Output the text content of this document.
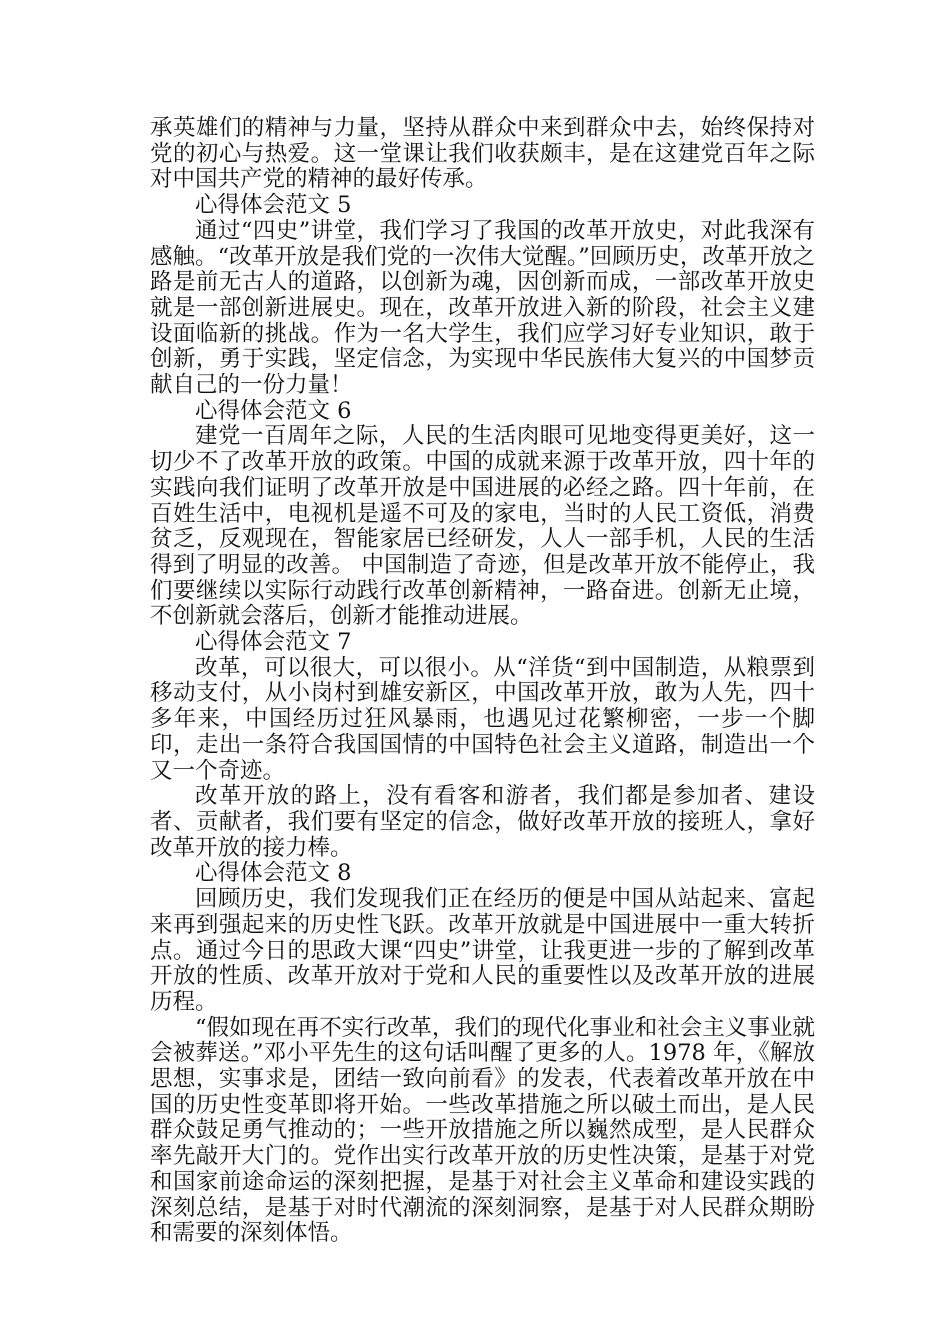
承英雄们的精神与力量，坚持从群众中来到群众中去，始终保持对党的初心与热爱。这一堂课让我们收获颇丰，是在这建党百年之际对中国共产党的精神的最好传承。

心得体会范文 5

通过“四史”讲堂，我们学习了我国的改革开放史，对此我深有感触。“改革开放是我们党的一次伟大觉醒。”回顾历史，改革开放之路是前无古人的道路，以创新为魂，因创新而成，一部改革开放史就是一部创新进展史。现在，改革开放进入新的阶段，社会主义建设面临新的挑战。作为一名大学生，我们应学习好专业知识，敢于创新，勇于实践，坚定信念，为实现中华民族伟大复兴的中国梦贡献自己的一份力量！

心得体会范文 6

建党一百周年之际，人民的生活肉眼可见地变得更美好，这一切少不了改革开放的政策。中国的成就来源于改革开放，四十年的实践向我们证明了改革开放是中国进展的必经之路。四十年前，在百姓生活中，电视机是遥不可及的家电，当时的人民工资低，消费贫乏，反观现在，智能家居已经研发，人人一部手机，人民的生活得到了明显的改善。 中国制造了奇迹，但是改革开放不能停止，我们要继续以实际行动践行改革创新精神，一路奋进。创新无止境，不创新就会落后，创新才能推动进展。

心得体会范文 7

改革，可以很大，可以很小。从“洋货“到中国制造，从粮票到移动支付，从小岗村到雄安新区，中国改革开放，敢为人先，四十多年来，中国经历过狂风暴雨，也遇见过花繁柳密，一步一个脚印，走出一条符合我国国情的中国特色社会主义道路，制造出一个又一个奇迹。

改革开放的路上，没有看客和游者，我们都是参加者、建设者、贡献者，我们要有坚定的信念，做好改革开放的接班人，拿好改革开放的接力棒。

心得体会范文 8

回顾历史，我们发现我们正在经历的便是中国从站起来、富起来再到强起来的历史性飞跃。改革开放就是中国进展中一重大转折点。通过今日的思政大课“四史”讲堂，让我更进一步的了解到改革开放的性质、改革开放对于党和人民的重要性以及改革开放的进展历程。

“假如现在再不实行改革，我们的现代化事业和社会主义事业就会被葬送。”邓小平先生的这句话叫醒了更多的人。1978 年，《解放思想，实事求是，团结一致向前看》的发表，代表着改革开放在中国的历史性变革即将开始。一些改革措施之所以破土而出，是人民群众鼓足勇气推动的；一些开放措施之所以巍然成型，是人民群众率先敲开大门的。党作出实行改革开放的历史性决策，是基于对党和国家前途命运的深刻把握，是基于对社会主义革命和建设实践的深刻总结，是基于对时代潮流的深刻洞察，是基于对人民群众期盼和需要的深刻体悟。
